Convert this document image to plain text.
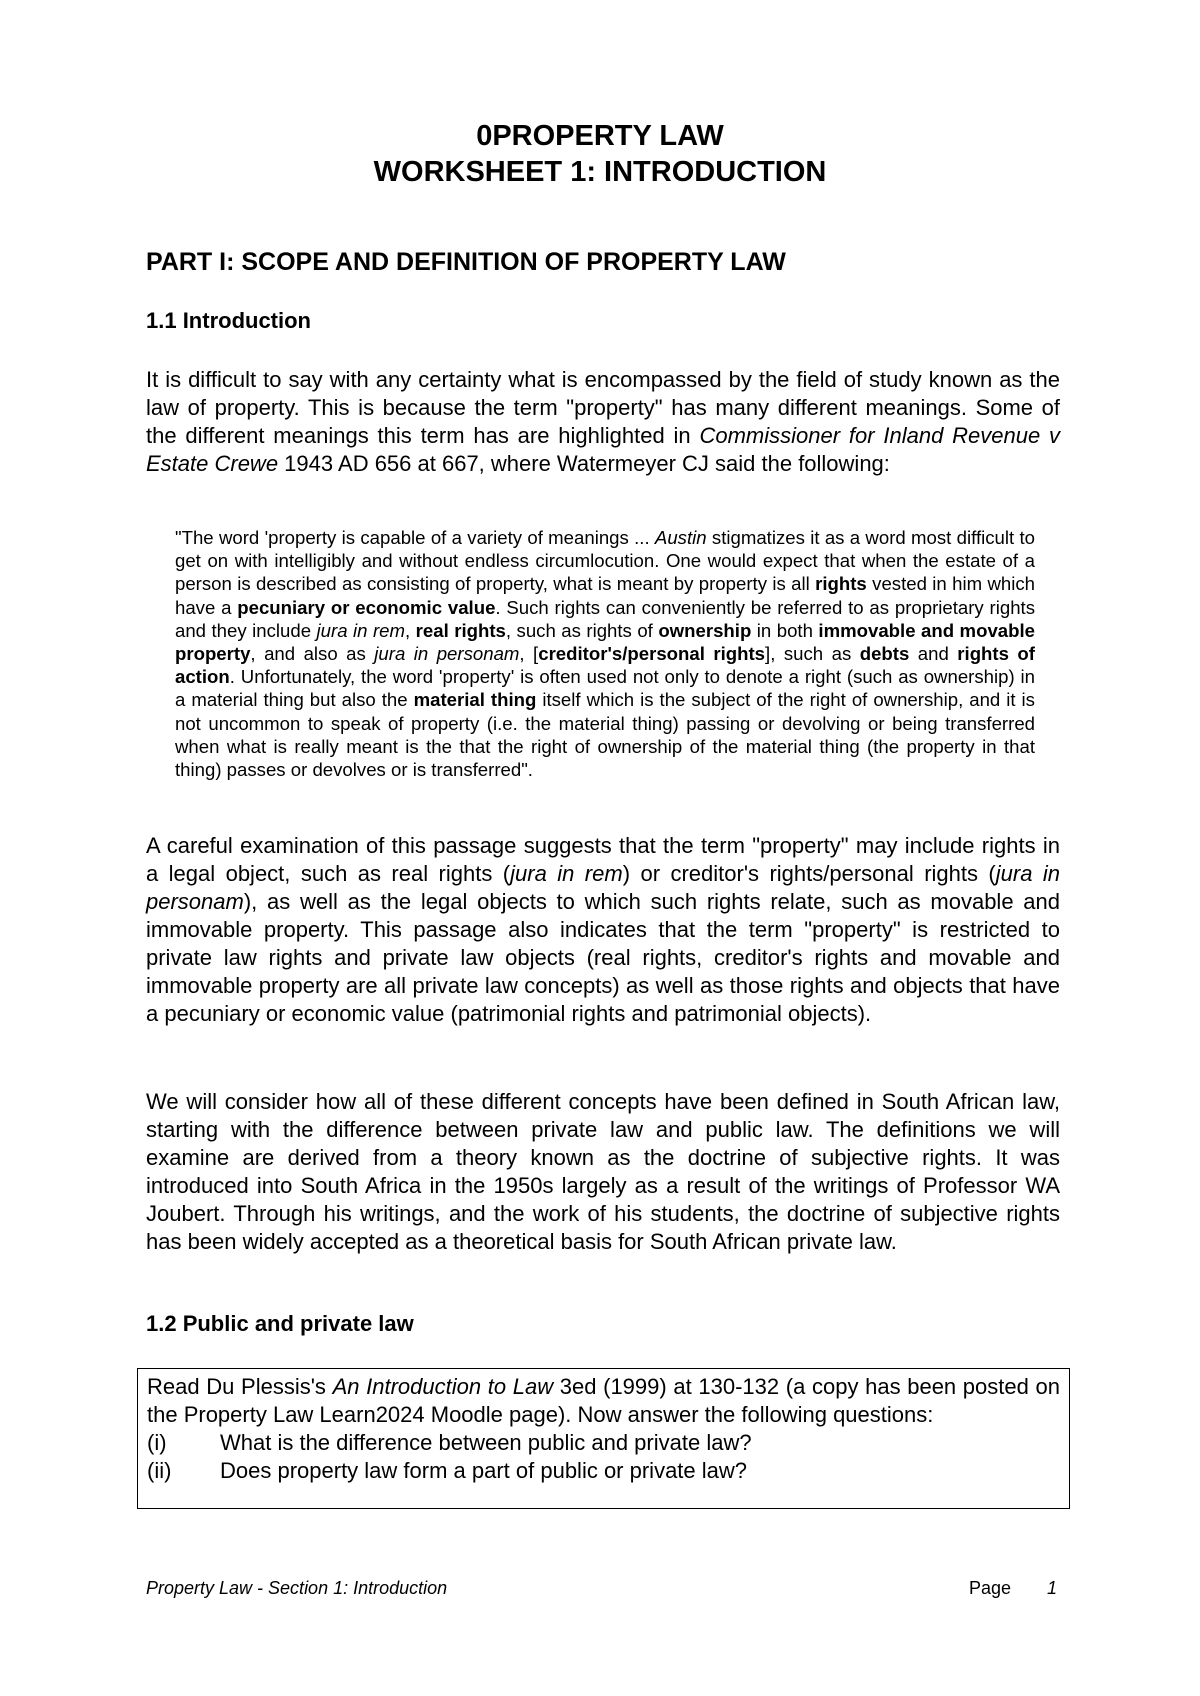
0PROPERTY LAW
WORKSHEET 1: INTRODUCTION
PART I: SCOPE AND DEFINITION OF PROPERTY LAW
1.1 Introduction

It is difficult to say with any certainty what is encompassed by the field of study known as the law of property. This is because the term "property" has many different meanings. Some of the different meanings this term has are highlighted in Commissioner for Inland Revenue v Estate Crewe 1943 AD 656 at 667, where Watermeyer CJ said the following:

"The word 'property is capable of a variety of meanings ... Austin stigmatizes it as a word most difficult to get on with intelligibly and without endless circumlocution. One would expect that when the estate of a person is described as consisting of property, what is meant by property is all rights vested in him which have a pecuniary or economic value. Such rights can conveniently be referred to as proprietary rights and they include jura in rem, real rights, such as rights of ownership in both immovable and movable property, and also as jura in personam, [creditor's/personal rights], such as debts and rights of action. Unfortunately, the word 'property' is often used not only to denote a right (such as ownership) in a material thing but also the material thing itself which is the subject of the right of ownership, and it is not uncommon to speak of property (i.e. the material thing) passing or devolving or being transferred when what is really meant is the that the right of ownership of the material thing (the property in that thing) passes or devolves or is transferred".

A careful examination of this passage suggests that the term "property" may include rights in a legal object, such as real rights (jura in rem) or creditor's rights/personal rights (jura in personam), as well as the legal objects to which such rights relate, such as movable and immovable property. This passage also indicates that the term "property" is restricted to private law rights and private law objects (real rights, creditor's rights and movable and immovable property are all private law concepts) as well as those rights and objects that have a pecuniary or economic value (patrimonial rights and patrimonial objects).

We will consider how all of these different concepts have been defined in South African law, starting with the difference between private law and public law. The definitions we will examine are derived from a theory known as the doctrine of subjective rights. It was introduced into South Africa in the 1950s largely as a result of the writings of Professor WA Joubert. Through his writings, and the work of his students, the doctrine of subjective rights has been widely accepted as a theoretical basis for South African private law.

1.2 Public and private law

Read Du Plessis's An Introduction to Law 3ed (1999) at 130-132 (a copy has been posted on the Property Law Learn2024 Moodle page). Now answer the following questions:

(i)	What is the difference between public and private law?
(ii)	Does property law form a part of public or private law?
Property Law - Section 1: Introduction	Page 1
